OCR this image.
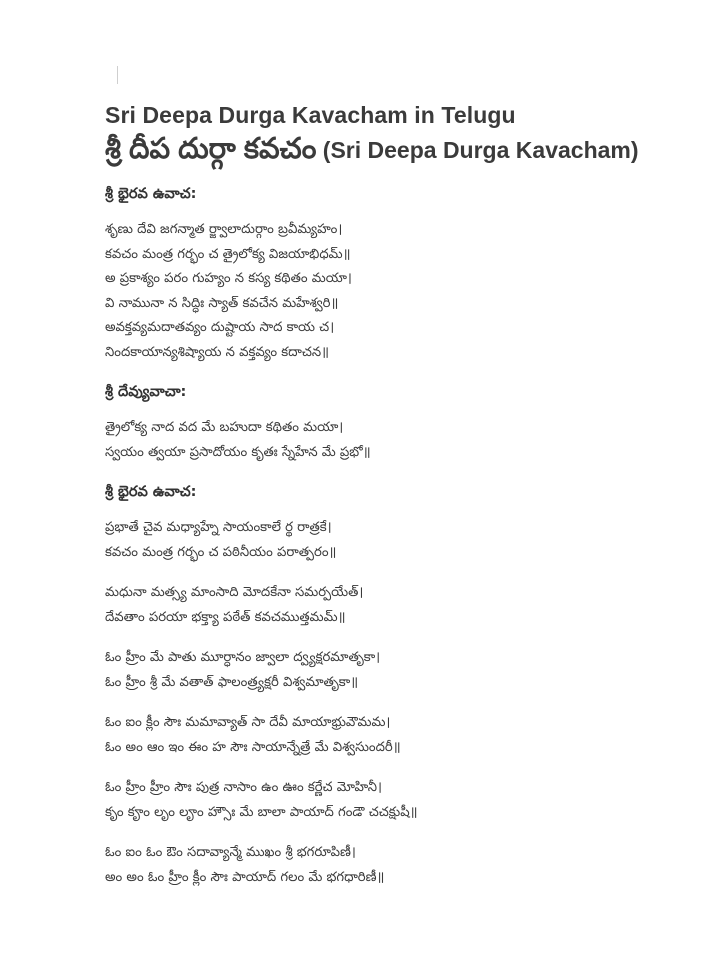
Sri Deepa Durga Kavacham in Telugu
శ్రీ దీప దుర్గా కవచం (Sri Deepa Durga Kavacham)
శ్రీ భైరవ ఉవాచ:
శృణు దేవి జగన్మాత ర్జ్వాలాదుర్గాం బ్రవీమ్యహం।
కవచం మంత్ర గర్భం చ త్రైలోక్య విజయాభిధమ్॥
అ ప్రకాశ్యం పరం గుహ్యం న కస్య కథితం మయా।
వి నామునా న సిద్ధిః స్యాత్ కవచేన మహేశ్వరి॥
అవక్తవ్యమదాతవ్యం దుష్టాయ సాద కాయ చ।
నిందకాయాన్యశిష్యాయ న వక్తవ్యం కదాచన॥
శ్రీ దేవ్యువాచా:
త్రైలోక్య నాద వద మే బహుదా కథితం మయా।
స్వయం త్వయా ప్రసాదోయం కృతః స్నేహేన మే ప్రభో॥
శ్రీ భైరవ ఉవాచ:
ప్రభాతే చైవ మధ్యాహ్నే సాయంకాలే ర్థ రాత్రకే।
కవచం మంత్ర గర్భం చ పఠినీయం పరాత్పరం॥
మధునా మత్స్య మాంసాది మోదకేనా సమర్పయేత్।
దేవతాం పరయా భక్త్యా పఠేత్ కవచముత్తమమ్॥
ఓం హ్రీం మే పాతు మూర్ధానం జ్వాలా ద్వ్యక్షరమాతృకా।
ఓం హ్రీం శ్రీ మే వతాత్ ఫాలంత్ర్యక్షరీ విశ్వమాతృకా॥
ఓం ఐం క్లీం సౌః మమావ్యాత్ సా దేవీ మాయాభ్రువౌమమ।
ఓం అం ఆం ఇం ఈం హ సౌః సాయాన్నేత్రే మే విశ్వసుందరీ॥
ఓం హ్రీం హ్రీం సౌః పుత్ర నాసాం ఉం ఊం కర్ణేచ మోహినీ।
కృం కౄం లృం లౄం హ్సౌః మే బాలా పాయాద్ గండౌ చచక్షుషీ॥
ఓం ఐం ఓం ఔం సదావ్యాన్మే ముఖం శ్రీ భగరూపిణీ।
అం అం ఓం హ్రీం క్లీం సౌః పాయాద్ గలం మే భగధారిణీ॥
